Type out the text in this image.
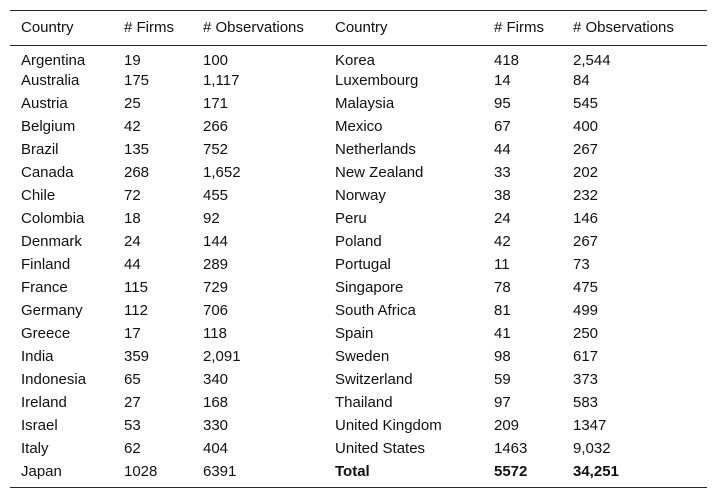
Country	# Firms	# Observations	Country	# Firms	# Observations
Argentina	19	100	Korea	418	2,544
Australia	175	1,117	Luxembourg	14	84
Austria	25	171	Malaysia	95	545
Belgium	42	266	Mexico	67	400
Brazil	135	752	Netherlands	44	267
Canada	268	1,652	New Zealand	33	202
Chile	72	455	Norway	38	232
Colombia	18	92	Peru	24	146
Denmark	24	144	Poland	42	267
Finland	44	289	Portugal	11	73
France	115	729	Singapore	78	475
Germany	112	706	South Africa	81	499
Greece	17	118	Spain	41	250
India	359	2,091	Sweden	98	617
Indonesia	65	340	Switzerland	59	373
Ireland	27	168	Thailand	97	583
Israel	53	330	United Kingdom	209	1347
Italy	62	404	United States	1463	9,032
Japan	1028	6391	Total	5572	34,251
